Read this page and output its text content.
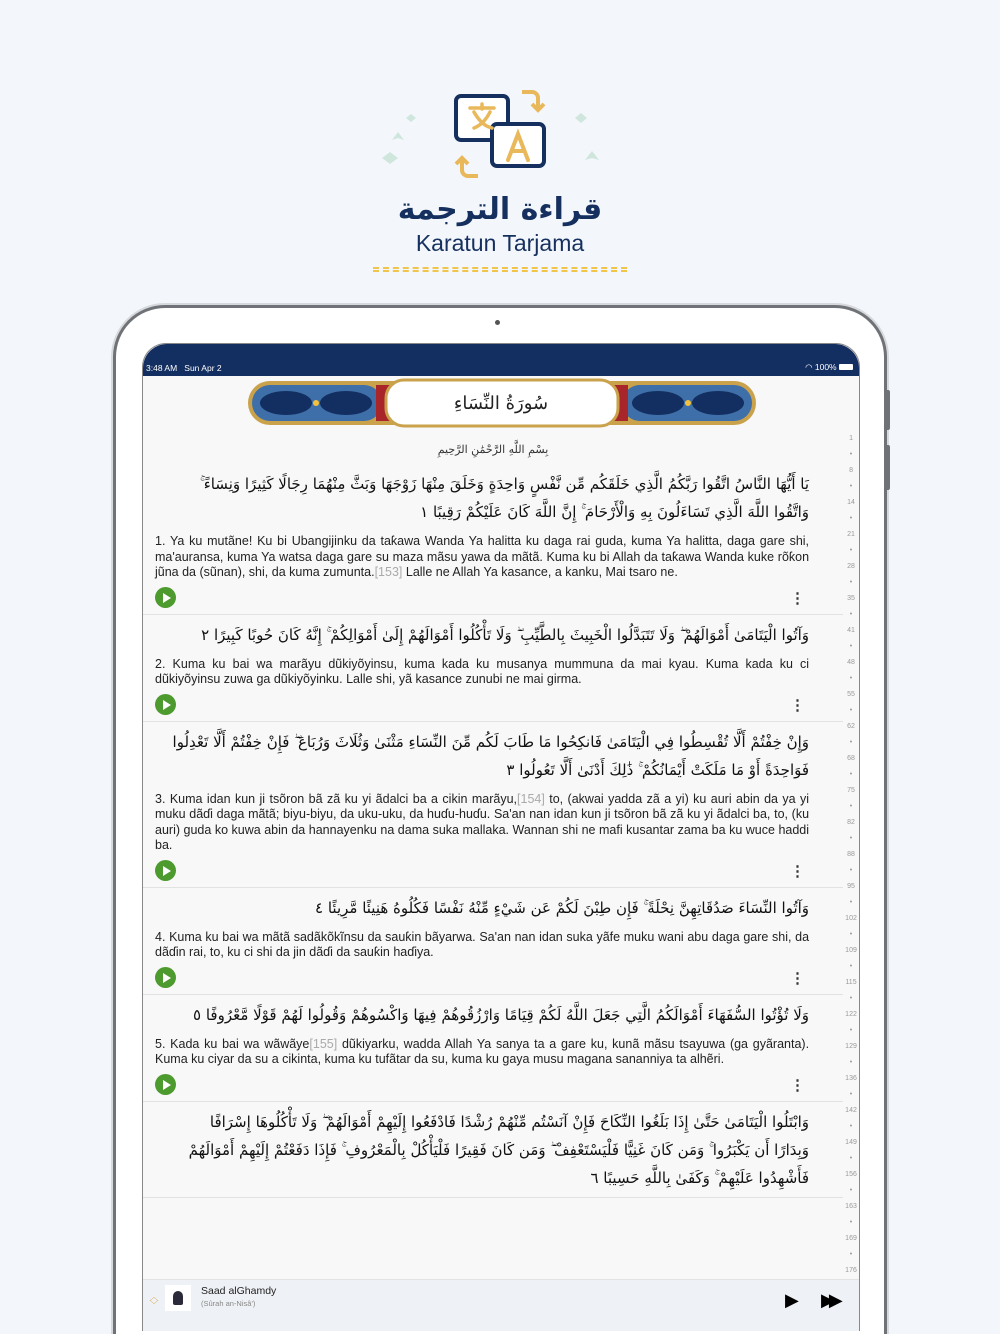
قراءة الترجمة
Karatun Tarjama
3:48 AM Sun Apr 2	◠ 100%
سُورَةُ النِّسَاءِ
بِسْمِ اللَّهِ الرَّحْمَٰنِ الرَّحِيمِ
يَا أَيُّهَا النَّاسُ اتَّقُوا رَبَّكُمُ الَّذِي خَلَقَكُم مِّن نَّفْسٍ وَاحِدَةٍ وَخَلَقَ مِنْهَا زَوْجَهَا وَبَثَّ مِنْهُمَا رِجَالًا كَثِيرًا وَنِسَاءً ۚ وَاتَّقُوا اللَّهَ الَّذِي تَسَاءَلُونَ بِهِ وَالْأَرْحَامَ ۚ إِنَّ اللَّهَ كَانَ عَلَيْكُمْ رَقِيبًا ١
1. Ya ku mutãne! Ku bi Ubangijinku da taƙawa Wanda Ya halitta ku daga rai guda, kuma Ya halitta, daga gare shi, ma'auransa, kuma Ya watsa daga gare su maza mãsu yawa da mãtã. Kuma ku bi Allah da taƙawa Wanda kuke rõƙon jũna da (sũnan), shi, da kuma zumunta.[153] Lalle ne Allah Ya kasance, a kanku, Mai tsaro ne.
⋮
وَآتُوا الْيَتَامَىٰ أَمْوَالَهُمْ ۖ وَلَا تَتَبَدَّلُوا الْخَبِيثَ بِالطَّيِّبِ ۖ وَلَا تَأْكُلُوا أَمْوَالَهُمْ إِلَىٰ أَمْوَالِكُمْ ۚ إِنَّهُ كَانَ حُوبًا كَبِيرًا ٢
2. Kuma ku bai wa marãyu dũkiyõyinsu, kuma kada ku musanya mummuna da mai kyau. Kuma kada ku ci dũkiyõyinsu zuwa ga dũkiyõyinku. Lalle shi, yã kasance zunubi ne mai girma.
⋮
وَإِنْ خِفْتُمْ أَلَّا تُقْسِطُوا فِي الْيَتَامَىٰ فَانكِحُوا مَا طَابَ لَكُم مِّنَ النِّسَاءِ مَثْنَىٰ وَثُلَاثَ وَرُبَاعَ ۖ فَإِنْ خِفْتُمْ أَلَّا تَعْدِلُوا فَوَاحِدَةً أَوْ مَا مَلَكَتْ أَيْمَانُكُمْ ۚ ذَٰلِكَ أَدْنَىٰ أَلَّا تَعُولُوا ٣
3. Kuma idan kun ji tsõron bã zã ku yi ãdalci ba a cikin marãyu,[154] to, (akwai yadda zã a yi) ku auri abin da ya yi muku dãɗi daga mãtã; biyu-biyu, da uku-uku, da huɗu-huɗu. Sa'an nan idan kun ji tsõron bã zã ku yi ãdalci ba, to, (ku auri) guda ko kuwa abin da hannayenku na dama suka mallaka. Wannan shi ne mafi kusantar zama ba ku wuce haddi ba.
⋮
وَآتُوا النِّسَاءَ صَدُقَاتِهِنَّ نِحْلَةً ۚ فَإِن طِبْنَ لَكُمْ عَن شَيْءٍ مِّنْهُ نَفْسًا فَكُلُوهُ هَنِيئًا مَّرِيئًا ٤
4. Kuma ku bai wa mãtã sadãkõkĩnsu da sauƙin bãyarwa. Sa'an nan idan suka yãfe muku wani abu daga gare shi, da dãɗin rai, to, ku ci shi da jin dãɗi da sauƙin haɗiya.
⋮
وَلَا تُؤْتُوا السُّفَهَاءَ أَمْوَالَكُمُ الَّتِي جَعَلَ اللَّهُ لَكُمْ قِيَامًا وَارْزُقُوهُمْ فِيهَا وَاكْسُوهُمْ وَقُولُوا لَهُمْ قَوْلًا مَّعْرُوفًا ٥
5. Kada ku bai wa wãwãye[155] dũkiyarku, wadda Allah Ya sanya ta a gare ku, kunã mãsu tsayuwa (ga gyãranta). Kuma ku ciyar da su a cikinta, kuma ku tufãtar da su, kuma ku gaya musu magana sananniya ta alhẽri.
⋮
وَابْتَلُوا الْيَتَامَىٰ حَتَّىٰ إِذَا بَلَغُوا النِّكَاحَ فَإِنْ آنَسْتُم مِّنْهُمْ رُشْدًا فَادْفَعُوا إِلَيْهِمْ أَمْوَالَهُمْ ۖ وَلَا تَأْكُلُوهَا إِسْرَافًا وَبِدَارًا أَن يَكْبَرُوا ۚ وَمَن كَانَ غَنِيًّا فَلْيَسْتَعْفِفْ ۖ وَمَن كَانَ فَقِيرًا فَلْيَأْكُلْ بِالْمَعْرُوفِ ۚ فَإِذَا دَفَعْتُمْ إِلَيْهِمْ أَمْوَالَهُمْ فَأَشْهِدُوا عَلَيْهِمْ ۚ وَكَفَىٰ بِاللَّهِ حَسِيبًا ٦
1
•
8
•
14
•
21
•
28
•
35
•
41
•
48
•
55
•
62
•
68
•
75
•
82
•
88
•
95
•
102
•
109
•
115
•
122
•
129
•
136
•
142
•
149
•
156
•
163
•
169
•
176
︿
﹀
Saad alGhamdy
(Sûrah an-Nisâ')	▶ ▶▶
